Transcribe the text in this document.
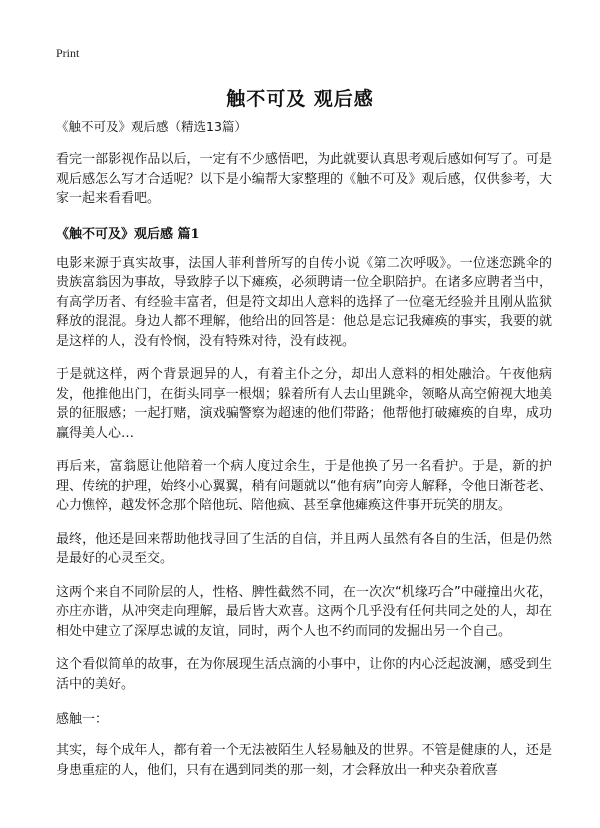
Print
触不可及 观后感
《触不可及》观后感（精选13篇）

看完一部影视作品以后，一定有不少感悟吧，为此就要认真思考观后感如何写了。可是观后感怎么写才合适呢？以下是小编帮大家整理的《触不可及》观后感，仅供参考，大家一起来看看吧。

《触不可及》观后感 篇1

电影来源于真实故事，法国人菲利普所写的自传小说《第二次呼吸》。一位迷恋跳伞的贵族富翁因为事故，导致脖子以下瘫痪，必须聘请一位全职陪护。在诸多应聘者当中，有高学历者、有经验丰富者，但是符文却出人意料的选择了一位毫无经验并且刚从监狱释放的混混。身边人都不理解，他给出的回答是：他总是忘记我瘫痪的事实，我要的就是这样的人，没有怜悯，没有特殊对待，没有歧视。

于是就这样，两个背景迥异的人，有着主仆之分，却出人意料的相处融洽。午夜他病发，他推他出门，在街头同享一根烟；躲着所有人去山里跳伞，领略从高空俯视大地美景的征服感；一起打赌，演戏骗警察为超速的他们带路；他帮他打破瘫痪的自卑，成功赢得美人心…

再后来，富翁愿让他陪着一个病人度过余生，于是他换了另一名看护。于是，新的护理、传统的护理，始终小心翼翼，稍有问题就以“他有病”向旁人解释，令他日渐苍老、心力憔悴，越发怀念那个陪他玩、陪他疯、甚至拿他瘫痪这件事开玩笑的朋友。

最终，他还是回来帮助他找寻回了生活的自信，并且两人虽然有各自的生活，但是仍然是最好的心灵至交。

这两个来自不同阶层的人，性格、脾性截然不同，在一次次“机缘巧合”中碰撞出火花，亦庄亦谐，从冲突走向理解，最后皆大欢喜。这两个几乎没有任何共同之处的人，却在相处中建立了深厚忠诚的友谊，同时，两个人也不约而同的发掘出另一个自己。

这个看似简单的故事，在为你展现生活点滴的小事中，让你的内心泛起波澜，感受到生活中的美好。

感触一：

其实，每个成年人，都有着一个无法被陌生人轻易触及的世界。不管是健康的人，还是身患重症的人，他们，只有在遇到同类的那一刻，才会释放出一种夹杂着欣喜
